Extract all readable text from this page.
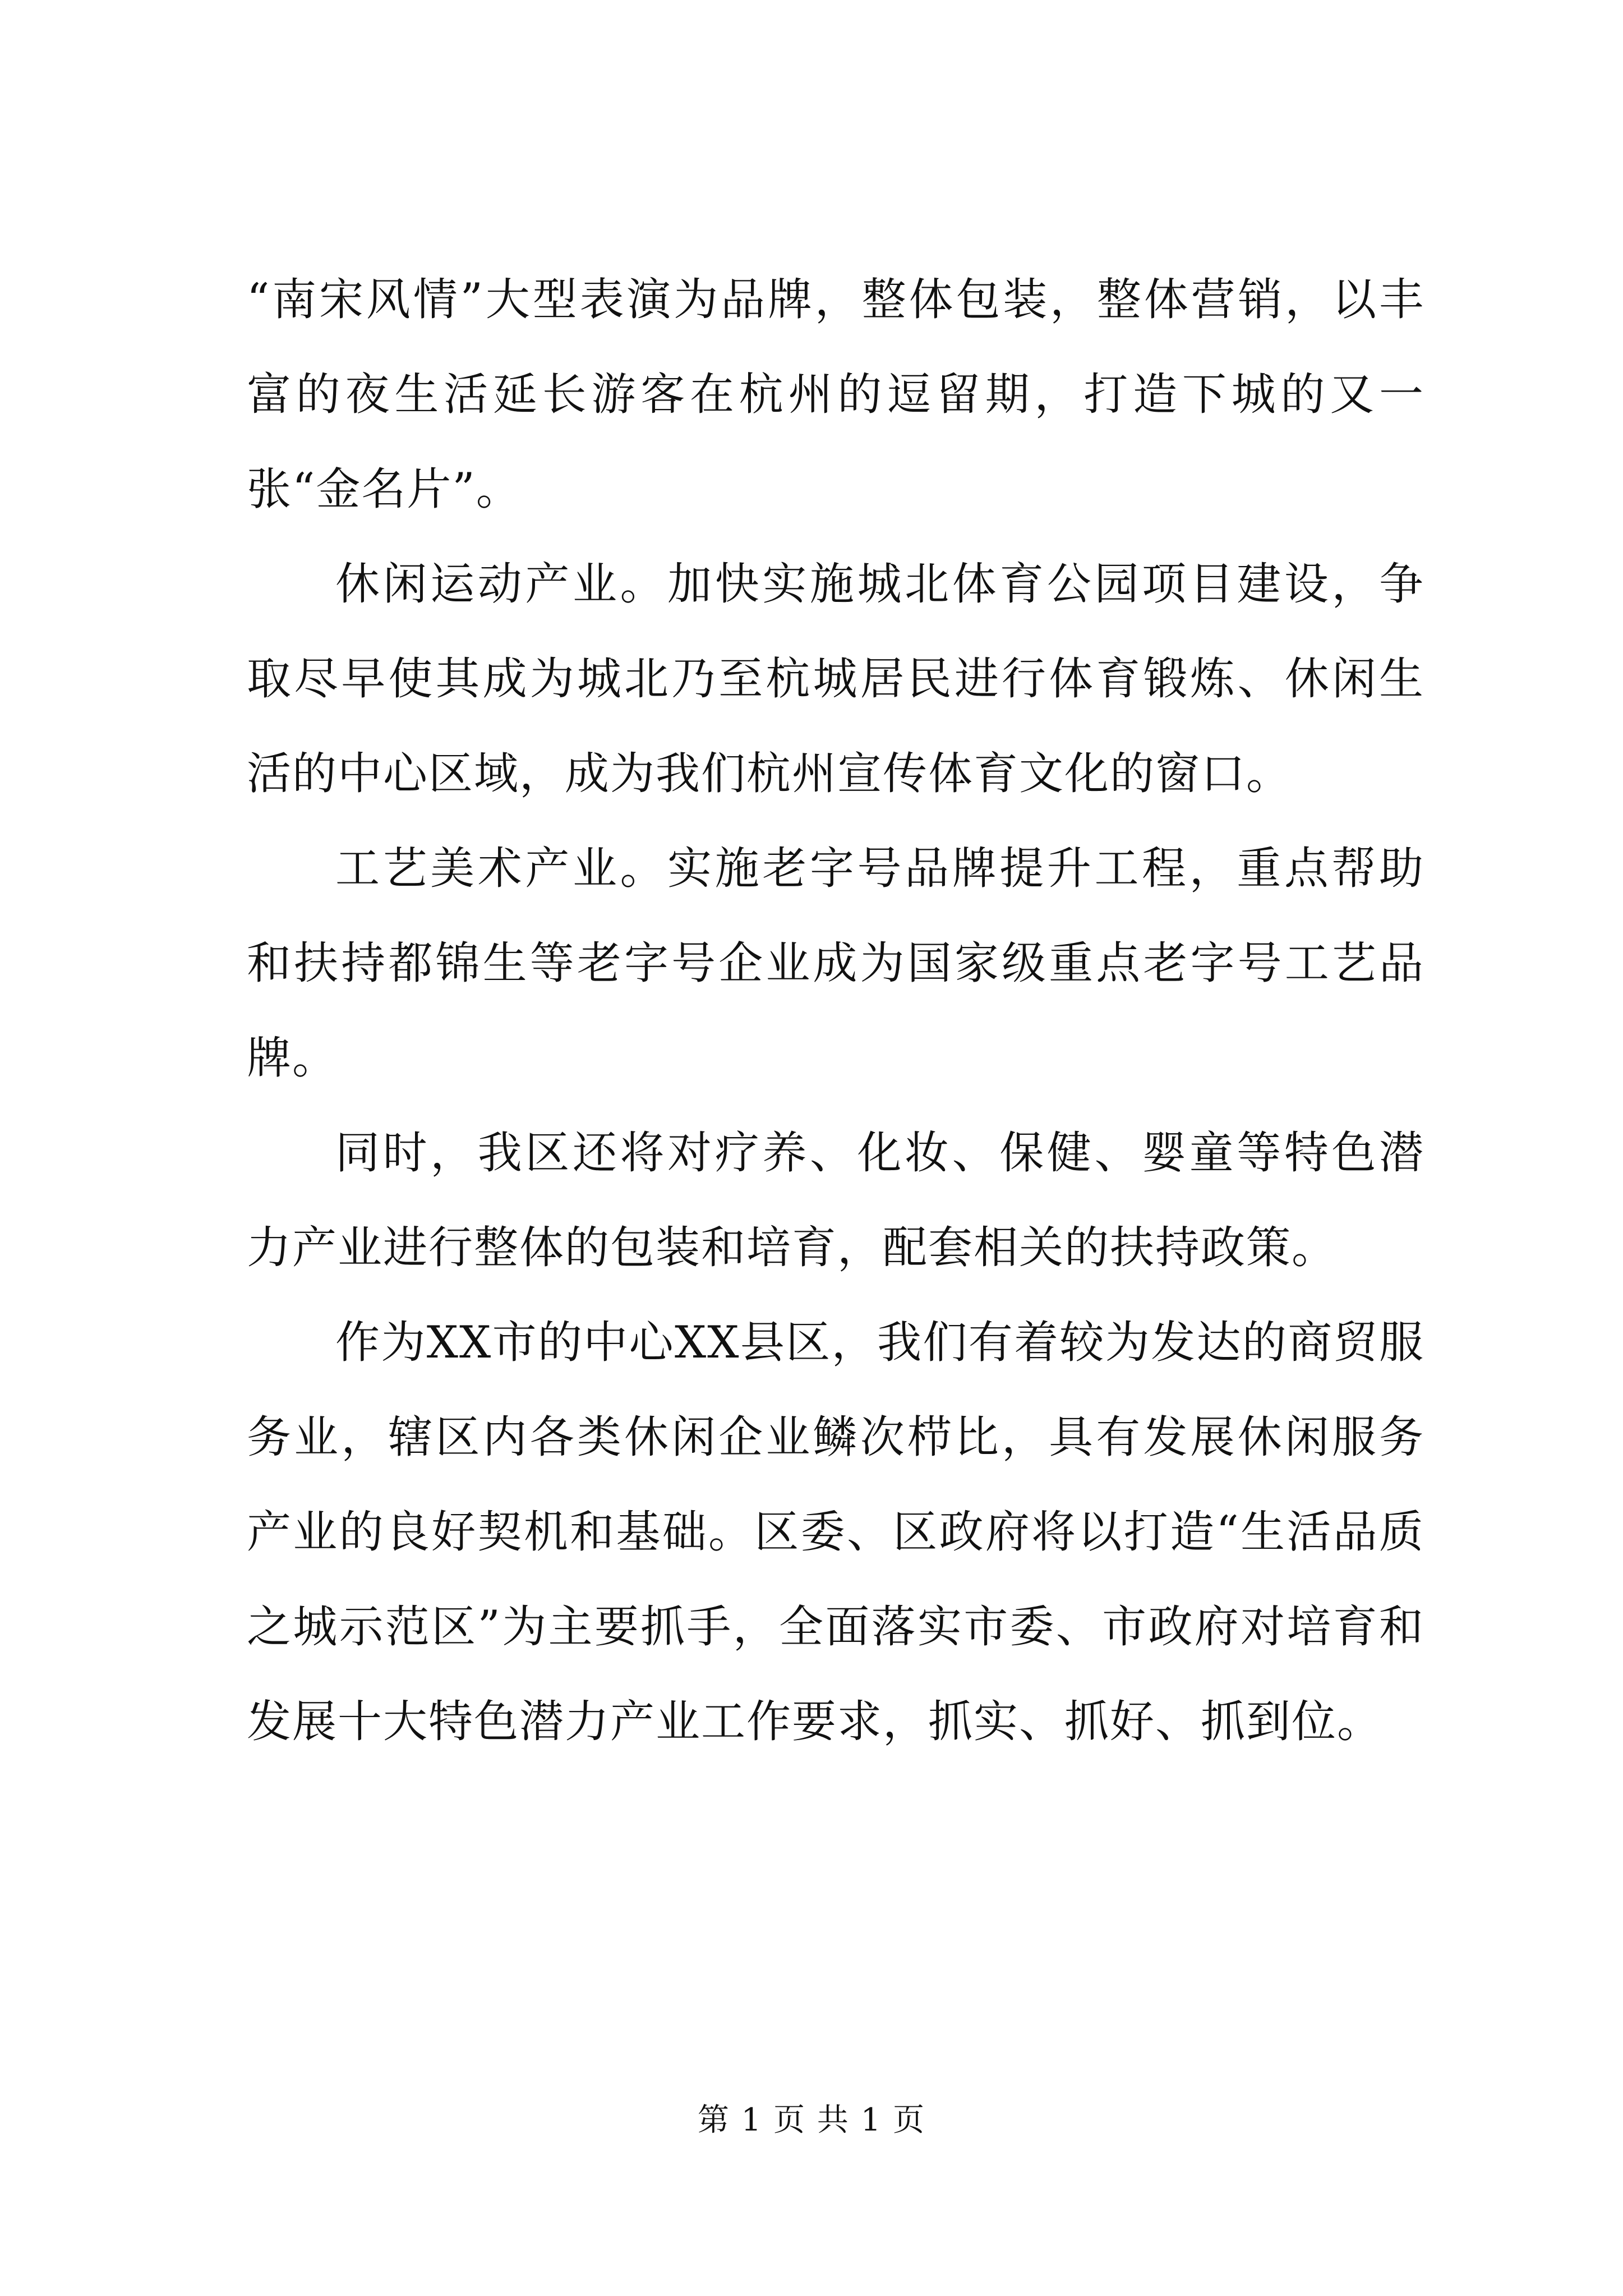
“南宋风情”大型表演为品牌，整体包装，整体营销，以丰富的夜生活延长游客在杭州的逗留期，打造下城的又一张“金名片”。

休闲运动产业。加快实施城北体育公园项目建设，争取尽早使其成为城北乃至杭城居民进行体育锻炼、休闲生活的中心区域，成为我们杭州宣传体育文化的窗口。

工艺美术产业。实施老字号品牌提升工程，重点帮助和扶持都锦生等老字号企业成为国家级重点老字号工艺品牌。

同时，我区还将对疗养、化妆、保健、婴童等特色潜力产业进行整体的包装和培育，配套相关的扶持政策。

作为XX市的中心XX县区，我们有着较为发达的商贸服务业，辖区内各类休闲企业鳞次栉比，具有发展休闲服务产业的良好契机和基础。区委、区政府将以打造“生活品质之城示范区”为主要抓手，全面落实市委、市政府对培育和发展十大特色潜力产业工作要求，抓实、抓好、抓到位。

第 1 页 共 1 页
